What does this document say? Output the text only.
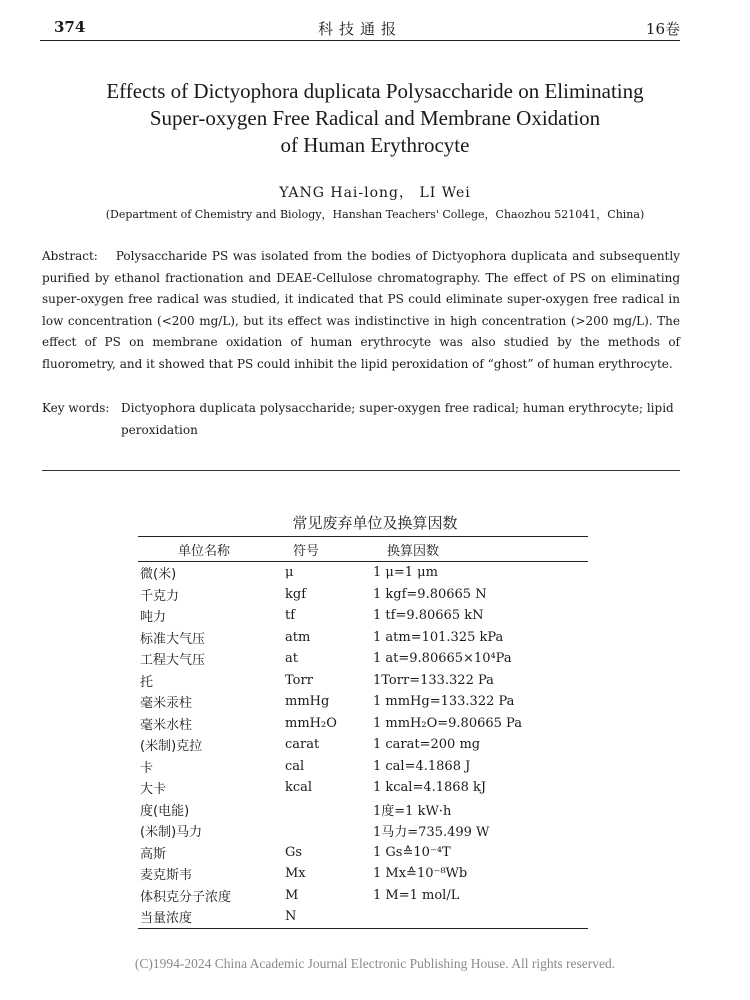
374	科技通报	16卷
Effects of Dictyophora duplicata Polysaccharide on Eliminating
Super-oxygen Free Radical and Membrane Oxidation
of Human Erythrocyte
YANG Hai-long， LI Wei
(Department of Chemistry and Biology，Hanshan Teachers' College，Chaozhou 521041，China)
Abstract: Polysaccharide PS was isolated from the bodies of Dictyophora duplicata and subsequently purified by ethanol fractionation and DEAE-Cellulose chromatography. The effect of PS on eliminating super-oxygen free radical was studied, it indicated that PS could eliminate super-oxygen free radical in low concentration (<200 mg/L), but its effect was indistinctive in high concentration (>200 mg/L). The effect of PS on membrane oxidation of human erythrocyte was also studied by the methods of fluorometry, and it showed that PS could inhibit the lipid peroxidation of “ghost” of human erythrocyte.
Key words: Dictyophora duplicata polysaccharide; super-oxygen free radical; human erythrocyte; lipid peroxidation
常见废弃单位及换算因数
单位名称	符号	换算因数
微(米)	μ	1 μ=1 μm
千克力	kgf	1 kgf=9.80665 N
吨力	tf	1 tf=9.80665 kN
标准大气压	atm	1 atm=101.325 kPa
工程大气压	at	1 at=9.80665×10⁴Pa
托	Torr	1Torr=133.322 Pa
毫米汞柱	mmHg	1 mmHg=133.322 Pa
毫米水柱	mmH₂O	1 mmH₂O=9.80665 Pa
(米制)克拉	carat	1 carat=200 mg
卡	cal	1 cal=4.1868 J
大卡	kcal	1 kcal=4.1868 kJ
度(电能)		1度=1 kW·h
(米制)马力		1马力=735.499 W
高斯	Gs	1 Gs≙10⁻⁴T
麦克斯韦	Mx	1 Mx≙10⁻⁸Wb
体积克分子浓度	M	1 M=1 mol/L
当量浓度	N	
(C)1994-2024 China Academic Journal Electronic Publishing House. All rights reserved.
